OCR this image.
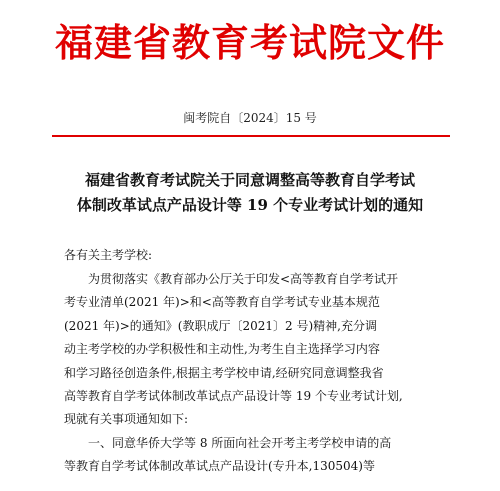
福建省教育考试院文件
闽考院自〔2024〕15 号
福建省教育考试院关于同意调整高等教育自学考试
体制改革试点产品设计等 19 个专业考试计划的通知
各有关主考学校:
为贯彻落实《教育部办公厅关于印发<高等教育自学考试开
考专业清单(2021 年)>和<高等教育自学考试专业基本规范
(2021 年)>的通知》(教职成厅〔2021〕2 号)精神,充分调
动主考学校的办学积极性和主动性,为考生自主选择学习内容
和学习路径创造条件,根据主考学校申请,经研究同意调整我省
高等教育自学考试体制改革试点产品设计等 19 个专业考试计划,
现就有关事项通知如下:
一、同意华侨大学等 8 所面向社会开考主考学校申请的高
等教育自学考试体制改革试点产品设计(专升本,130504)等
